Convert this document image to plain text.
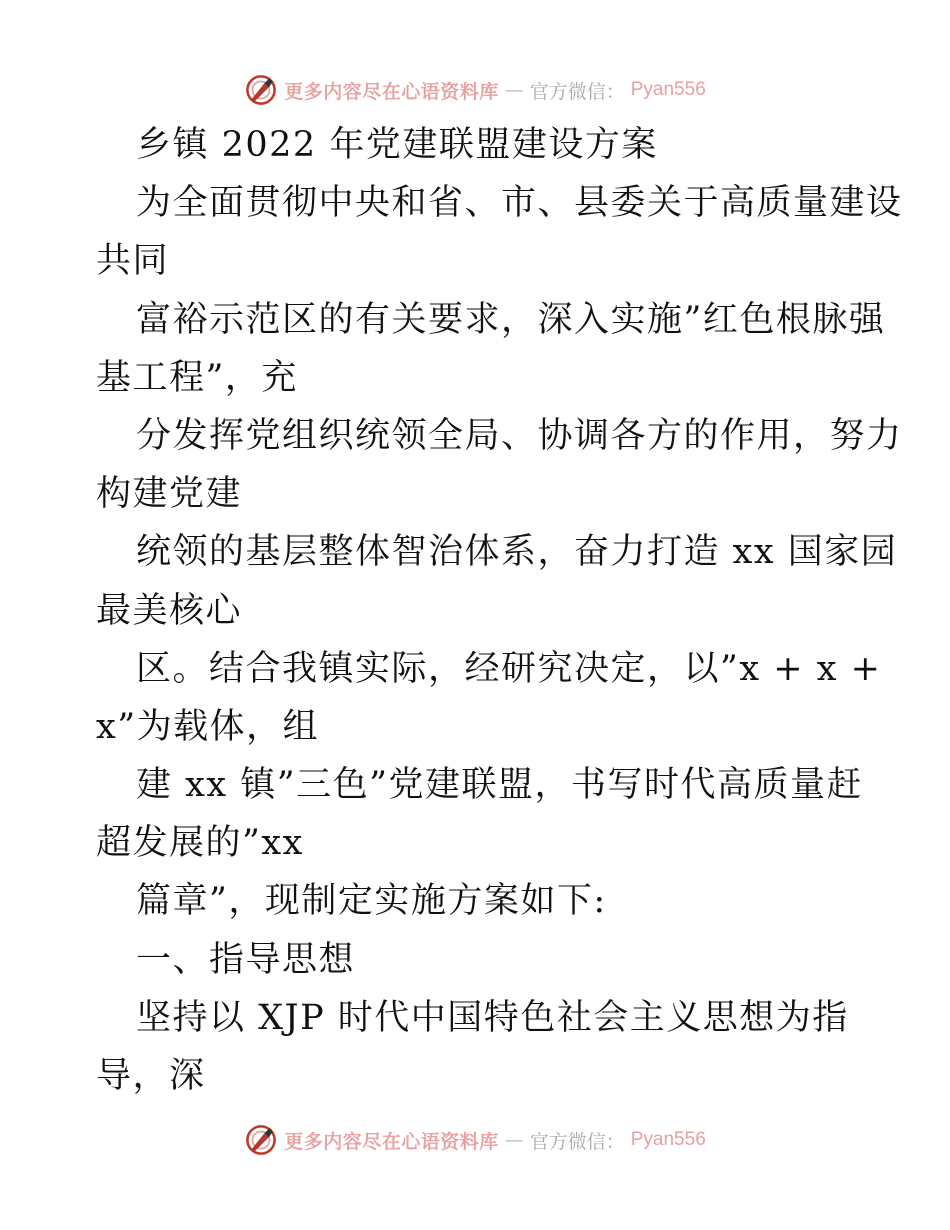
更多内容尽在心语资料库 — 官方微信： Pyan556
乡镇 2022 年党建联盟建设方案
为全面贯彻中央和省、市、县委关于高质量建设
共同
富裕示范区的有关要求，深入实施”红色根脉强
基工程”，充
分发挥党组织统领全局、协调各方的作用，努力
构建党建
统领的基层整体智治体系，奋力打造 xx 国家园
最美核心
区。结合我镇实际，经研究决定，以”x + x +
x”为载体，组
建 xx 镇”三色”党建联盟，书写时代高质量赶
超发展的”xx
篇章”，现制定实施方案如下:
一、指导思想
坚持以 XJP 时代中国特色社会主义思想为指
导，深
更多内容尽在心语资料库 — 官方微信： Pyan556
